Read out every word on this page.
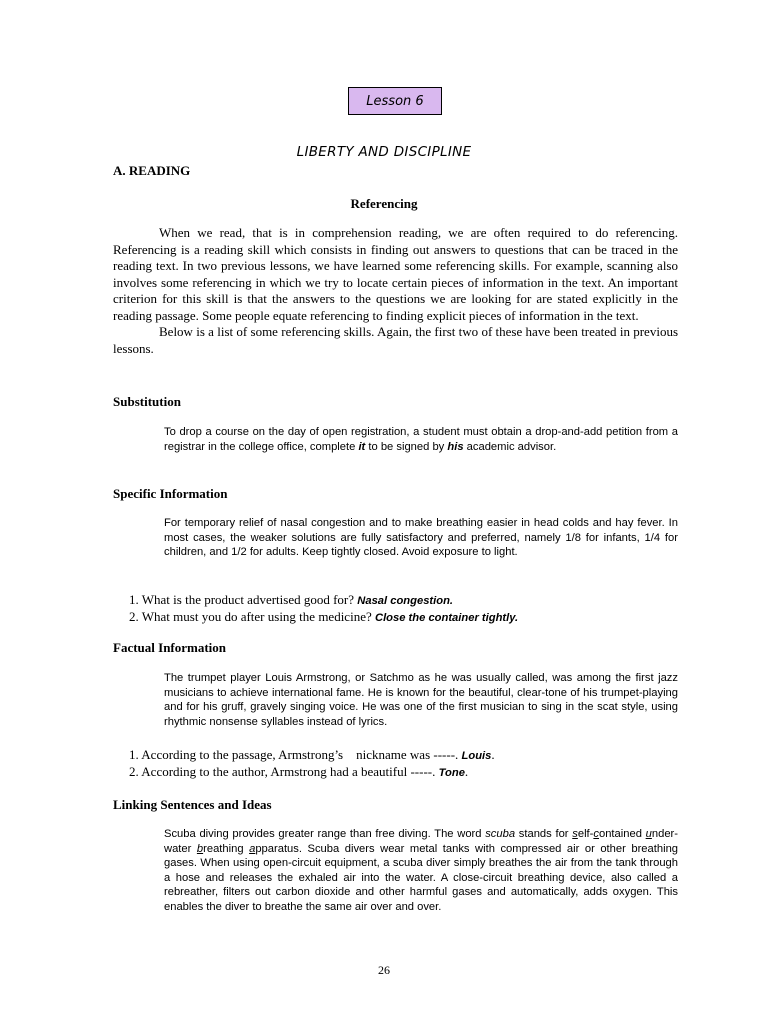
Lesson 6
LIBERTY AND DISCIPLINE
A. READING
Referencing

When we read, that is in comprehension reading, we are often required to do referencing. Referencing is a reading skill which consists in finding out answers to questions that can be traced in the reading text. In two previous lessons, we have learned some referencing skills. For example, scanning also involves some referencing in which we try to locate certain pieces of information in the text. An important criterion for this skill is that the answers to the questions we are looking for are stated explicitly in the reading passage. Some people equate referencing to finding explicit pieces of information in the text.

Below is a list of some referencing skills. Again, the first two of these have been treated in previous lessons.

Substitution

To drop a course on the day of open registration, a student must obtain a drop-and-add petition from a registrar in the college office, complete it to be signed by his academic advisor.

Specific Information

For temporary relief of nasal congestion and to make breathing easier in head colds and hay fever. In most cases, the weaker solutions are fully satisfactory and preferred, namely 1/8 for infants, 1/4 for children, and 1/2 for adults. Keep tightly closed. Avoid exposure to light.

1. What is the product advertised good for? Nasal congestion.
2. What must you do after using the medicine? Close the container tightly.
Factual Information

The trumpet player Louis Armstrong, or Satchmo as he was usually called, was among the first jazz musicians to achieve international fame. He is known for the beautiful, clear-tone of his trumpet-playing and for his gruff, gravely singing voice. He was one of the first musician to sing in the scat style, using rhythmic nonsense syllables instead of lyrics.

1. According to the passage, Armstrong’s    nickname was -----. Louis.
2. According to the author, Armstrong had a beautiful -----. Tone.
Linking Sentences and Ideas

Scuba diving provides greater range than free diving. The word scuba stands for self-contained under-water breathing apparatus. Scuba divers wear metal tanks with compressed air or other breathing gases. When using open-circuit equipment, a scuba diver simply breathes the air from the tank through a hose and releases the exhaled air into the water. A close-circuit breathing device, also called a rebreather, filters out carbon dioxide and other harmful gases and automatically, adds oxygen. This enables the diver to breathe the same air over and over.

26
